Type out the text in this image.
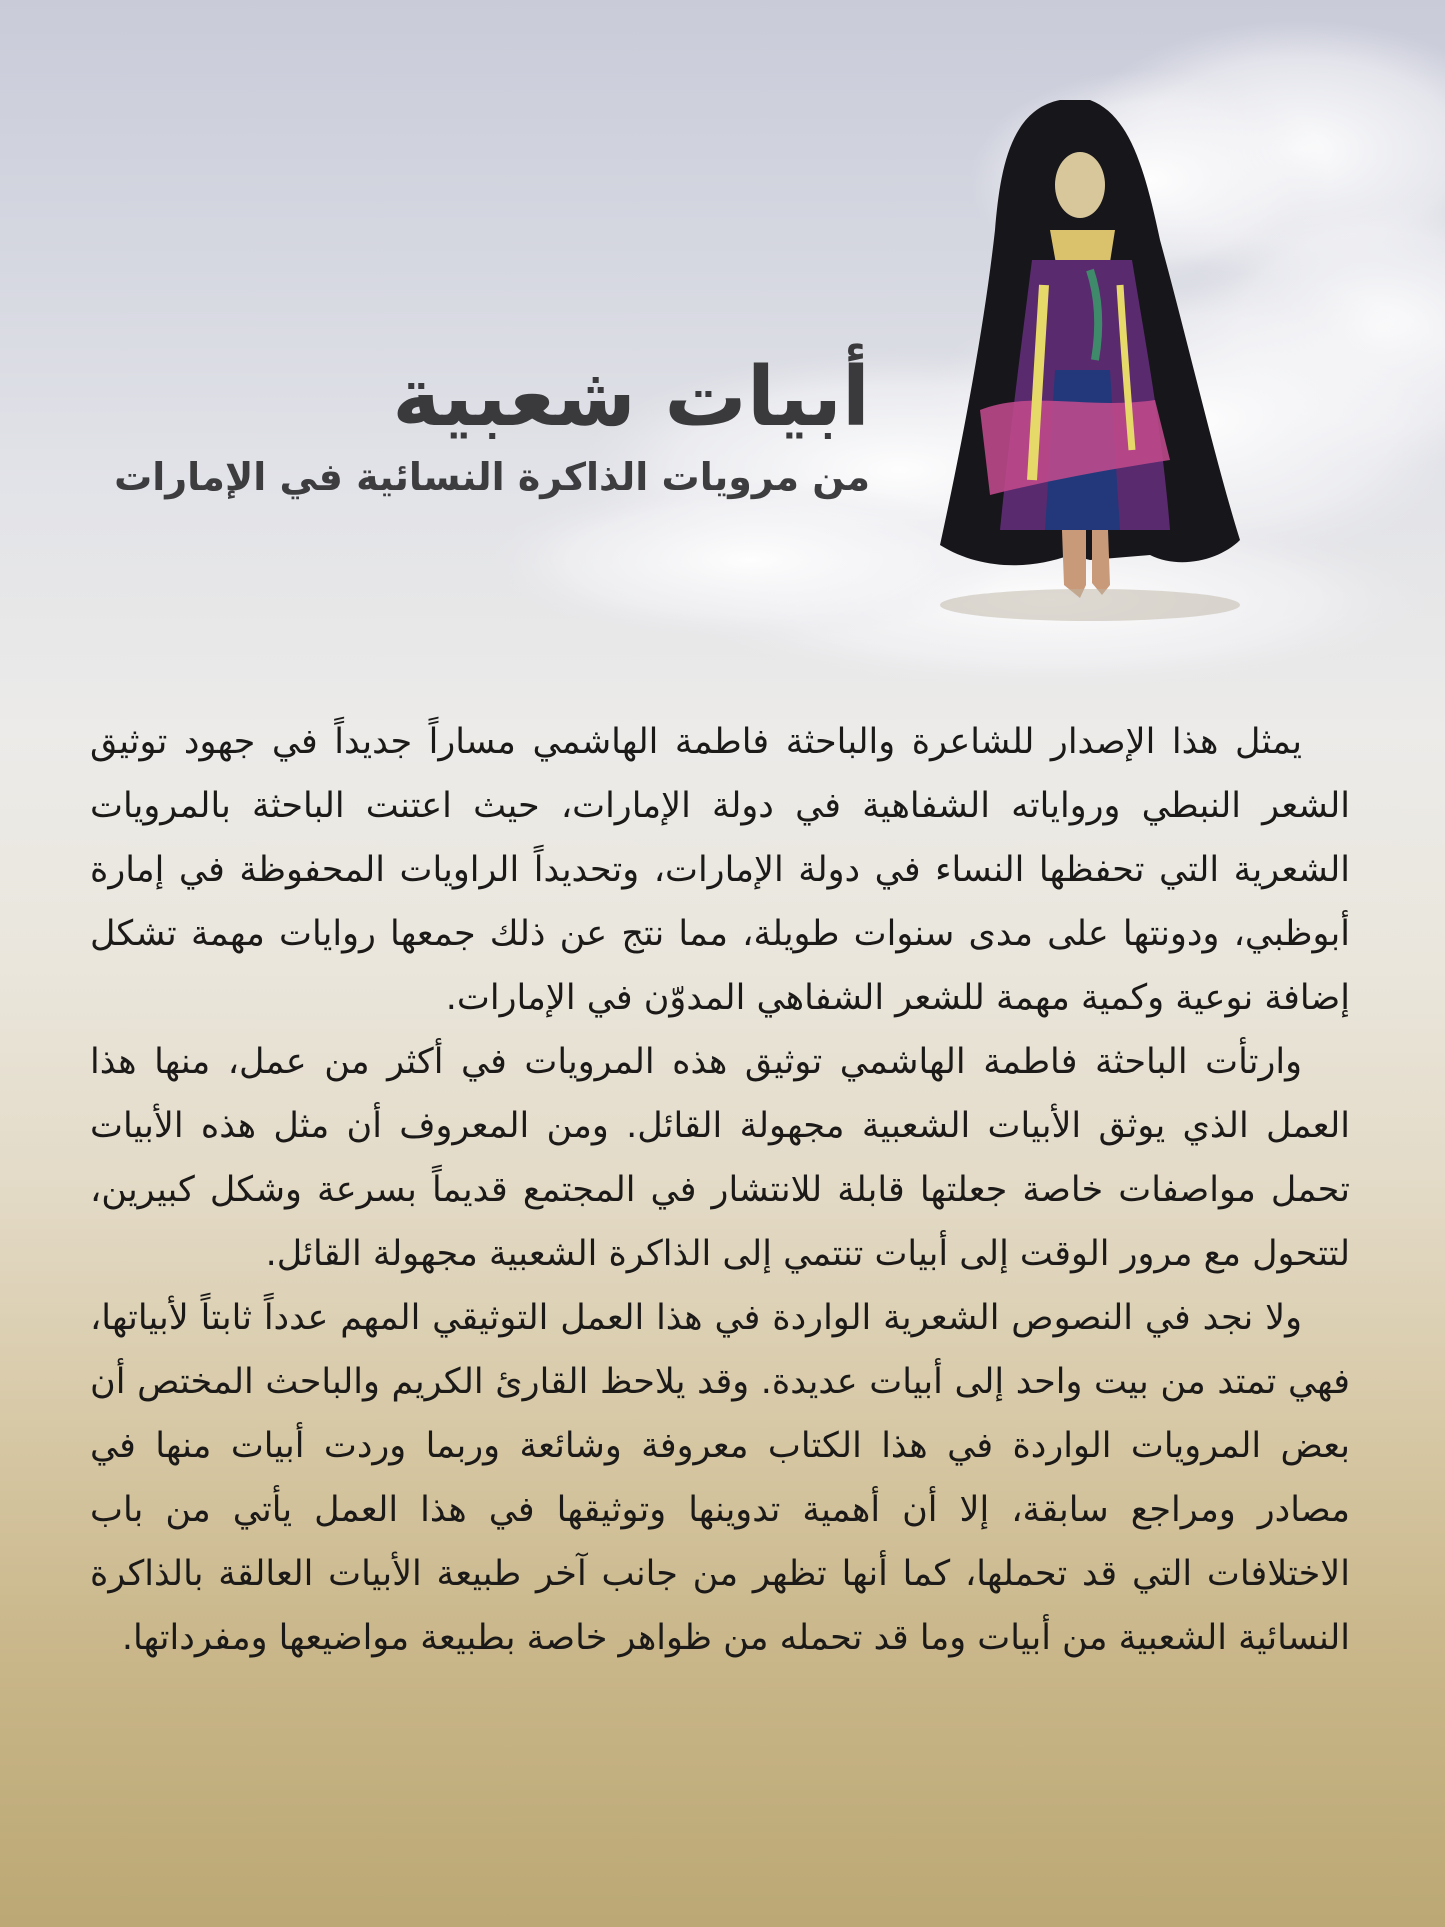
أبيات شعبية
من مرويات الذاكرة النسائية في الإمارات

يمثل هذا الإصدار للشاعرة والباحثة فاطمة الهاشمي مساراً جديداً في جهود توثيق الشعر النبطي ورواياته الشفاهية في دولة الإمارات، حيث اعتنت الباحثة بالمرويات الشعرية التي تحفظها النساء في دولة الإمارات، وتحديداً الراويات المحفوظة في إمارة أبوظبي، ودونتها على مدى سنوات طويلة، مما نتج عن ذلك جمعها روايات مهمة تشكل إضافة نوعية وكمية مهمة للشعر الشفاهي المدوّن في الإمارات.

وارتأت الباحثة فاطمة الهاشمي توثيق هذه المرويات في أكثر من عمل، منها هذا العمل الذي يوثق الأبيات الشعبية مجهولة القائل. ومن المعروف أن مثل هذه الأبيات تحمل مواصفات خاصة جعلتها قابلة للانتشار في المجتمع قديماً بسرعة وشكل كبيرين، لتتحول مع مرور الوقت إلى أبيات تنتمي إلى الذاكرة الشعبية مجهولة القائل.

ولا نجد في النصوص الشعرية الواردة في هذا العمل التوثيقي المهم عدداً ثابتاً لأبياتها، فهي تمتد من بيت واحد إلى أبيات عديدة. وقد يلاحظ القارئ الكريم والباحث المختص أن بعض المرويات الواردة في هذا الكتاب معروفة وشائعة وربما وردت أبيات منها في مصادر ومراجع سابقة، إلا أن أهمية تدوينها وتوثيقها في هذا العمل يأتي من باب الاختلافات التي قد تحملها، كما أنها تظهر من جانب آخر طبيعة الأبيات العالقة بالذاكرة النسائية الشعبية من أبيات وما قد تحمله من ظواهر خاصة بطبيعة مواضيعها ومفرداتها.
